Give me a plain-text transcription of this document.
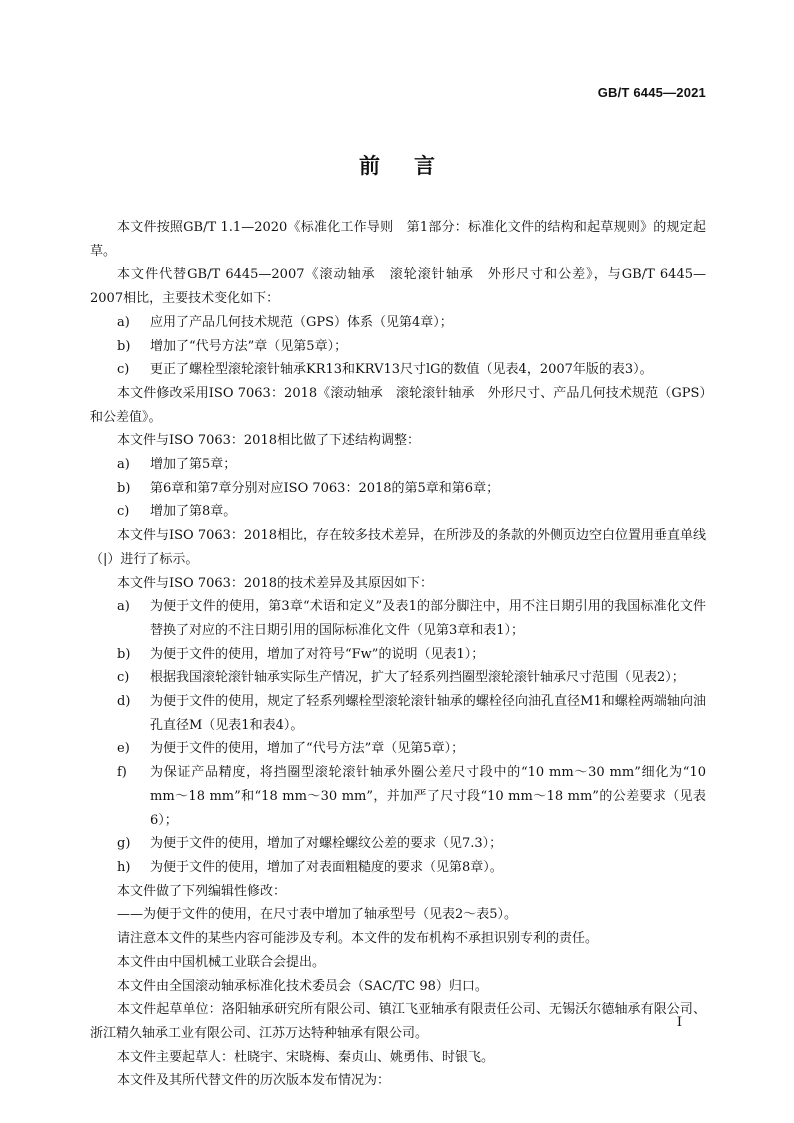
GB/T 6445—2021
前言

本文件按照GB/T 1.1—2020《标准化工作导则　第1部分：标准化文件的结构和起草规则》的规定起草。

本文件代替GB/T 6445—2007《滚动轴承　滚轮滚针轴承　外形尺寸和公差》，与GB/T 6445—2007相比，主要技术变化如下：

a)	应用了产品几何技术规范（GPS）体系（见第4章）；
b)	增加了“代号方法”章（见第5章）；
c)	更正了螺栓型滚轮滚针轴承KR13和KRV13尺寸lG的数值（见表4，2007年版的表3）。

本文件修改采用ISO 7063：2018《滚动轴承　滚轮滚针轴承　外形尺寸、产品几何技术规范（GPS）和公差值》。

本文件与ISO 7063：2018相比做了下述结构调整：

a)	增加了第5章；
b)	第6章和第7章分别对应ISO 7063：2018的第5章和第6章；
c)	增加了第8章。

本文件与ISO 7063：2018相比，存在较多技术差异，在所涉及的条款的外侧页边空白位置用垂直单线（|）进行了标示。

本文件与ISO 7063：2018的技术差异及其原因如下：

a)	为便于文件的使用，第3章“术语和定义”及表1的部分脚注中，用不注日期引用的我国标准化文件替换了对应的不注日期引用的国际标准化文件（见第3章和表1）；
b)	为便于文件的使用，增加了对符号“Fw”的说明（见表1）；
c)	根据我国滚轮滚针轴承实际生产情况，扩大了轻系列挡圈型滚轮滚针轴承尺寸范围（见表2）；
d)	为便于文件的使用，规定了轻系列螺栓型滚轮滚针轴承的螺栓径向油孔直径M1和螺栓两端轴向油孔直径M（见表1和表4）。
e)	为便于文件的使用，增加了“代号方法”章（见第5章）；
f)	为保证产品精度，将挡圈型滚轮滚针轴承外圈公差尺寸段中的“10 mm～30 mm”细化为“10 mm～18 mm”和“18 mm～30 mm”，并加严了尺寸段“10 mm～18 mm”的公差要求（见表6）；
g)	为便于文件的使用，增加了对螺栓螺纹公差的要求（见7.3）；
h)	为便于文件的使用，增加了对表面粗糙度的要求（见第8章）。

本文件做了下列编辑性修改：

——为便于文件的使用，在尺寸表中增加了轴承型号（见表2～表5）。

请注意本文件的某些内容可能涉及专利。本文件的发布机构不承担识别专利的责任。

本文件由中国机械工业联合会提出。

本文件由全国滚动轴承标准化技术委员会（SAC/TC 98）归口。

本文件起草单位：洛阳轴承研究所有限公司、镇江飞亚轴承有限责任公司、无锡沃尔德轴承有限公司、浙江精久轴承工业有限公司、江苏万达特种轴承有限公司。

本文件主要起草人：杜晓宇、宋晓梅、秦贞山、姚勇伟、时银飞。

本文件及其所代替文件的历次版本发布情况为：

I
